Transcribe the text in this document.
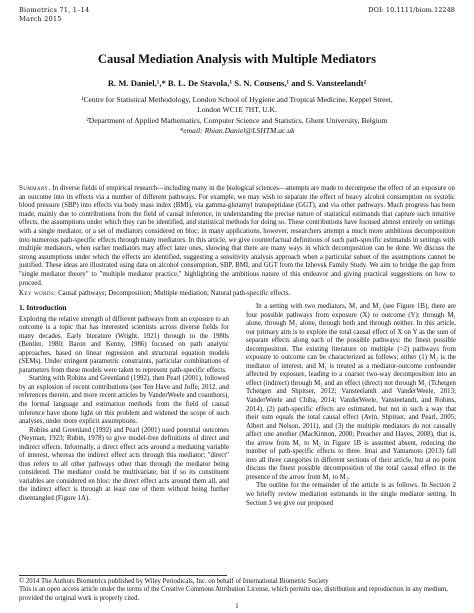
Biometrics 71, 1–14
March 2015
DOI: 10.1111/biom.12248
Causal Mediation Analysis with Multiple Mediators
R. M. Daniel,¹,* B. L. De Stavola,¹ S. N. Cousens,¹ and S. Vansteelandt²
¹Centre for Statistical Methodology, London School of Hygiene and Tropical Medicine, Keppel Street,
London WC1E 7HT, U.K.
²Department of Applied Mathematics, Computer Science and Statistics, Ghent University, Belgium
*email: Rhian.Daniel@LSHTM.ac.uk
Summary. In diverse fields of empirical research—including many in the biological sciences—attempts are made to decompose the effect of an exposure on an outcome into its effects via a number of different pathways. For example, we may wish to separate the effect of heavy alcohol consumption on systolic blood pressure (SBP) into effects via body mass index (BMI), via gamma-glutamyl transpeptidase (GGT), and via other pathways. Much progress has been made, mainly due to contributions from the field of causal inference, in understanding the precise nature of statistical estimands that capture such intuitive effects, the assumptions under which they can be identified, and statistical methods for doing so. These contributions have focused almost entirely on settings with a single mediator, or a set of mediators considered en bloc; in many applications, however, researchers attempt a much more ambitious decomposition into numerous path-specific effects through many mediators. In this article, we give counterfactual definitions of such path-specific estimands in settings with multiple mediators, when earlier mediators may affect later ones, showing that there are many ways in which decomposition can be done. We discuss the strong assumptions under which the effects are identified, suggesting a sensitivity analysis approach when a particular subset of the assumptions cannot be justified. These ideas are illustrated using data on alcohol consumption, SBP, BMI, and GGT from the Izhevsk Family Study. We aim to bridge the gap from "single mediator theory" to "multiple mediator practice," highlighting the ambitious nature of this endeavor and giving practical suggestions on how to proceed.
Key words: Causal pathways; Decomposition; Multiple mediation; Natural path-specific effects.
1. Introduction

Exploring the relative strength of different pathways from an exposure to an outcome is a topic that has interested scientists across diverse fields for many decades. Early literature (Wright, 1921) through to the 1980s (Bentler, 1980; Baron and Kenny, 1986) focused on path analytic approaches, based on linear regression and structural equation models (SEMs). Under stringent parametric constraints, particular combinations of parameters from these models were taken to represent path-specific effects.

Starting with Robins and Greenland (1992), then Pearl (2001), followed by an explosion of recent contributions (see Ten Have and Joffe, 2012, and references therein, and more recent articles by VanderWeele and coauthors), the formal language and estimation methods from the field of causal inference have shone light on this problem and widened the scope of such analyses, under more explicit assumptions.

Robins and Greenland (1992) and Pearl (2001) used potential outcomes (Neyman, 1923; Rubin, 1978) to give model-free definitions of direct and indirect effects. Informally, a direct effect acts around a mediating variable of interest, whereas the indirect effect acts through this mediator; "direct" thus refers to all other pathways other than through the mediator being considered. The mediator could be multivariate, but if so its constituent variables are considered en bloc: the direct effect acts around them all, and the indirect effect is through at least one of them without being further disentangled (Figure 1A).

In a setting with two mediators, M₁ and M₂ (see Figure 1B), there are four possible pathways from exposure (X) to outcome (Y): through M₁ alone, through M₂ alone, through both and through neither. In this article, our primary aim is to explore the total causal effect of X on Y as the sum of separate effects along each of the possible pathways: the finest possible decomposition. The existing literature on multiple (>2) pathways from exposure to outcome can be characterized as follows; either (1) M₂ is the mediator of interest, and M₁ is treated as a mediator-outcome confounder affected by exposure, leading to a coarser two-way decomposition into an effect (indirect) through M₂ and an effect (direct) not through M₂ (Tchetgen Tchetgen and Shpitser, 2012; Vansteelandt and VanderWeele, 2013; VanderWeele and Chiba, 2014; VanderWeele, Vansteelandt, and Robins, 2014), (2) path-specific effects are estimated, but not in such a way that their sum equals the total causal effect (Avin, Shpitser, and Pearl, 2005; Albert and Nelson, 2011), and (3) the multiple mediators do not causally affect one another (MacKinnon, 2000; Preacher and Hayes, 2008), that is, the arrow from M₁ to M₂ in Figure 1B is assumed absent, reducing the number of path-specific effects to three. Imai and Yamamoto (2013) fall into all three categories in different sections of their article, but at no point discuss the finest possible decomposition of the total causal effect in the presence of the arrow from M₁ to M₂.

The outline for the remainder of the article is as follows. In Section 2 we briefly review mediation estimands in the single mediator setting. In Section 3 we give our proposed

© 2014 The Authors Biometrics published by Wiley Periodicals, Inc. on behalf of International Biometric Society
This is an open access article under the terms of the Creative Commons Attribution License, which permits use, distribution and reproduction in any medium, provided the original work is properly cited.
1
